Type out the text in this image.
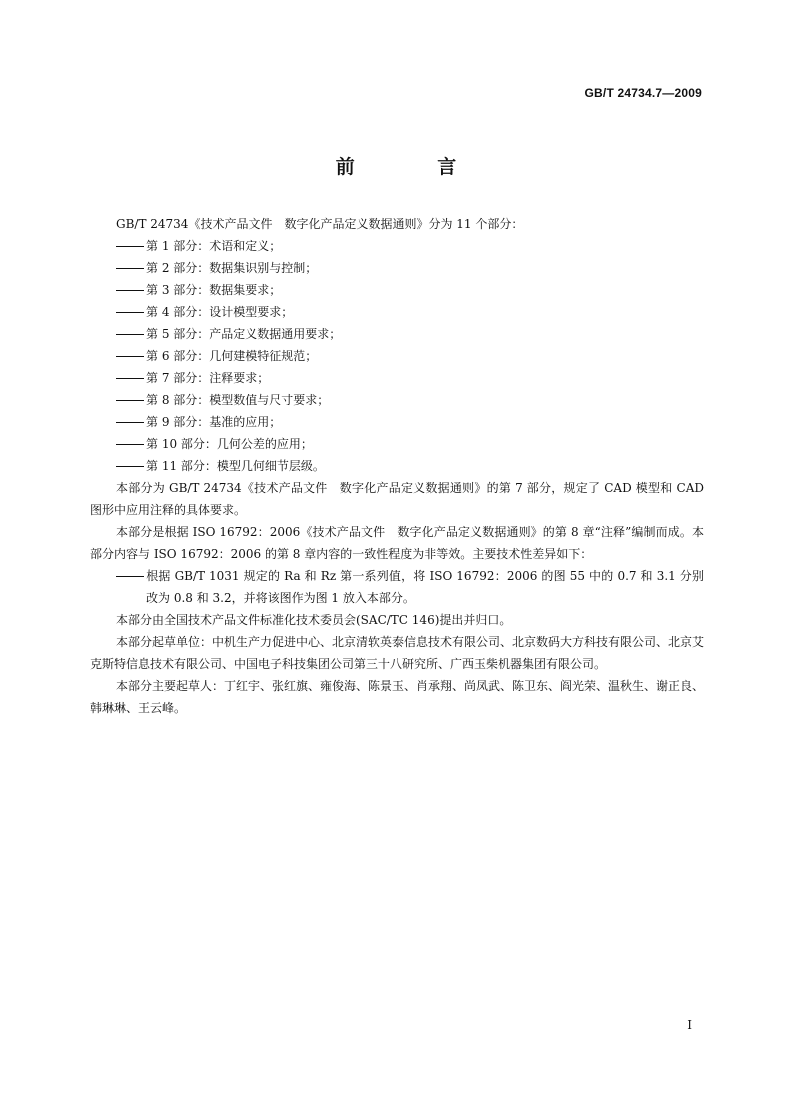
GB/T 24734.7—2009
前 言

GB/T 24734《技术产品文件　数字化产品定义数据通则》分为 11 个部分：

第 1 部分：术语和定义；

第 2 部分：数据集识别与控制；

第 3 部分：数据集要求；

第 4 部分：设计模型要求；

第 5 部分：产品定义数据通用要求；

第 6 部分：几何建模特征规范；

第 7 部分：注释要求；

第 8 部分：模型数值与尺寸要求；

第 9 部分：基准的应用；

第 10 部分：几何公差的应用；

第 11 部分：模型几何细节层级。

本部分为 GB/T 24734《技术产品文件　数字化产品定义数据通则》的第 7 部分，规定了 CAD 模型和 CAD 图形中应用注释的具体要求。

本部分是根据 ISO 16792：2006《技术产品文件　数字化产品定义数据通则》的第 8 章“注释”编制而成。本部分内容与 ISO 16792：2006 的第 8 章内容的一致性程度为非等效。主要技术性差异如下：

根据 GB/T 1031 规定的 Ra 和 Rz 第一系列值，将 ISO 16792：2006 的图 55 中的 0.7 和 3.1 分别改为 0.8 和 3.2，并将该图作为图 1 放入本部分。

本部分由全国技术产品文件标准化技术委员会(SAC/TC 146)提出并归口。

本部分起草单位：中机生产力促进中心、北京清软英泰信息技术有限公司、北京数码大方科技有限公司、北京艾克斯特信息技术有限公司、中国电子科技集团公司第三十八研究所、广西玉柴机器集团有限公司。

本部分主要起草人：丁红宇、张红旗、雍俊海、陈景玉、肖承翔、尚凤武、陈卫东、阎光荣、温秋生、谢正良、韩琳琳、王云峰。

I
